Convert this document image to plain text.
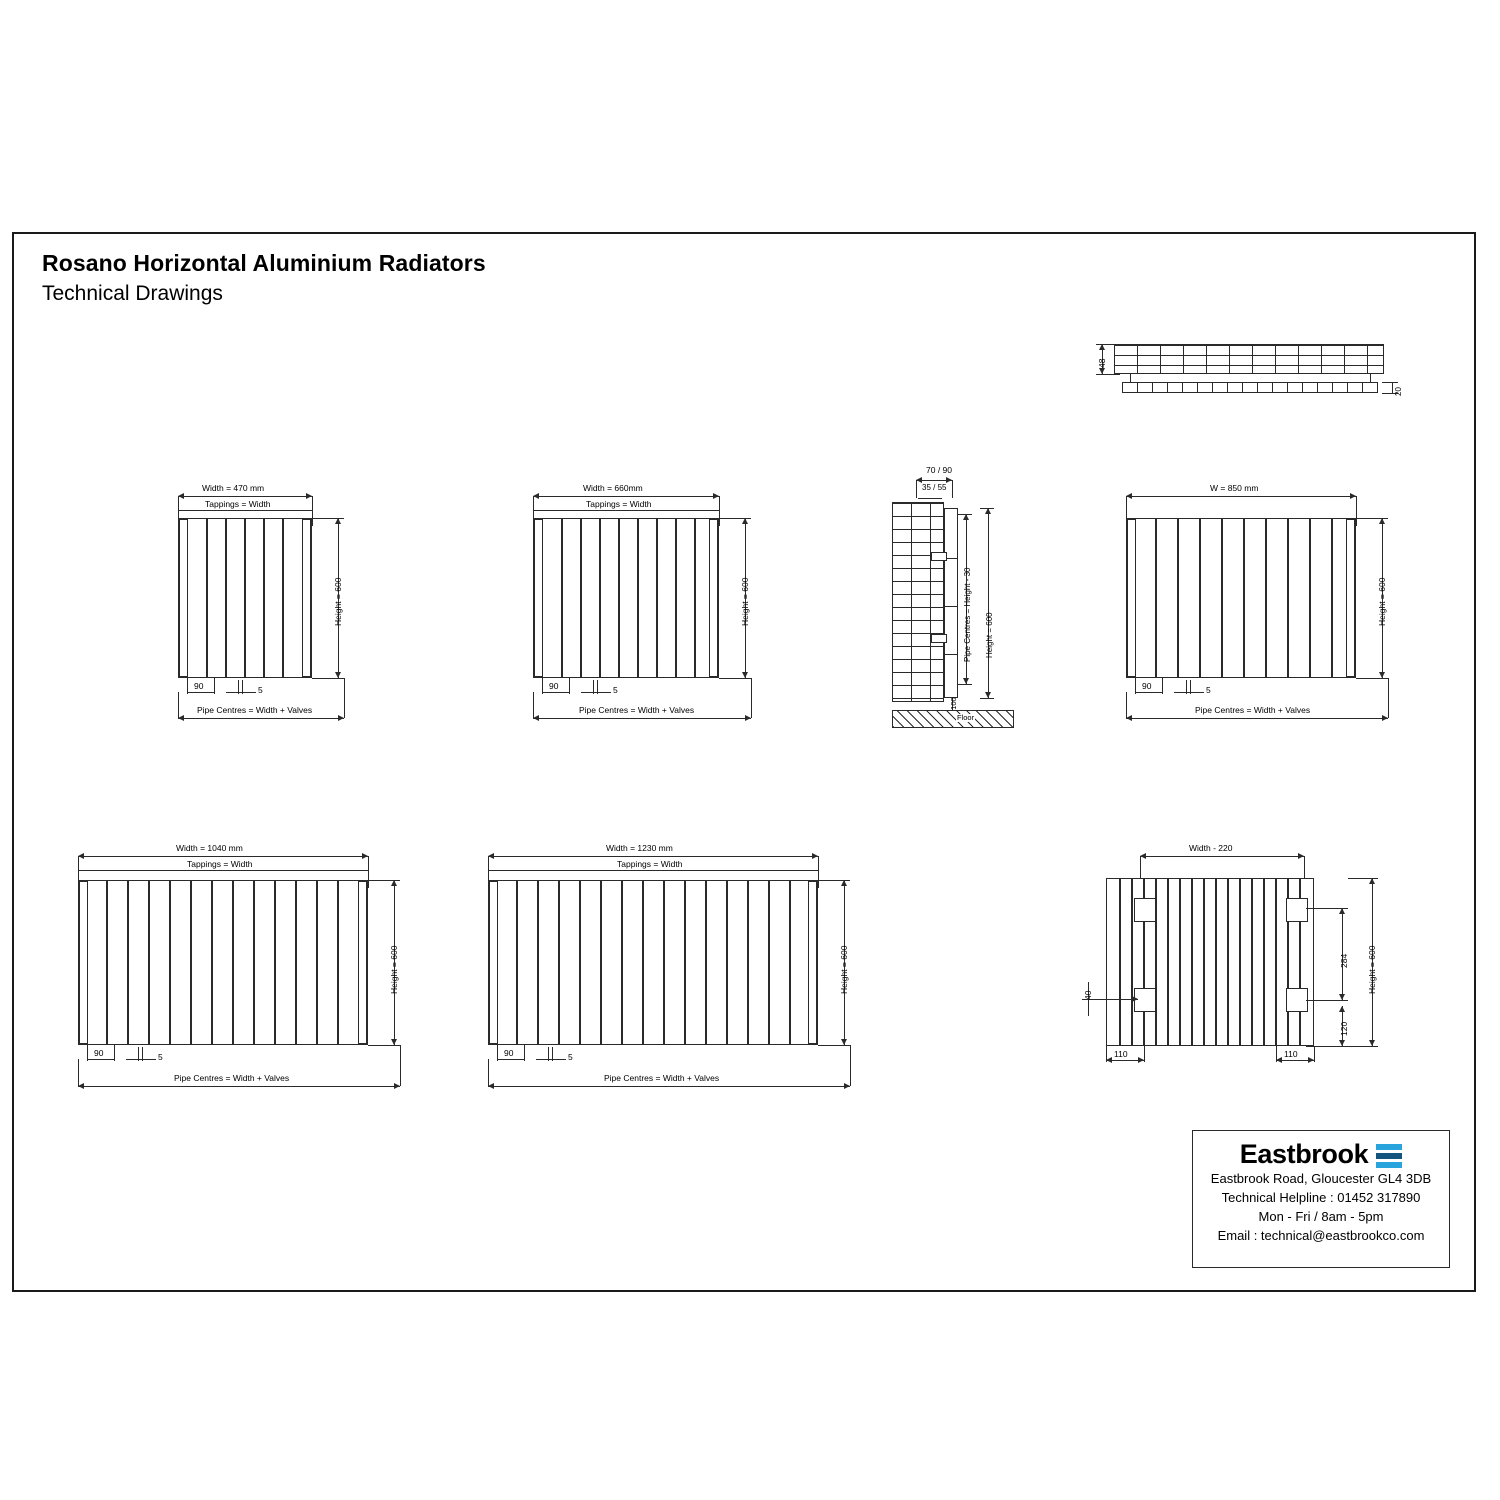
Rosano Horizontal Aluminium Radiators
Technical Drawings
48
20
Width = 470 mm
Tappings = Width
Height = 600
90	5
Pipe Centres = Width + Valves
Width = 660mm
Tappings = Width
Height = 600
90	5
Pipe Centres = Width + Valves
70 / 90
35 / 55
Pipe Centres = Height - 30 Height = 600
Floor
W = 850 mm
Height = 600
90	5
Pipe Centres = Width + Valves
Width = 1040 mm
Tappings = Width
Height = 600
90	5
Pipe Centres = Width + Valves
Width = 1230 mm
Tappings = Width
Height = 600
90	5
Pipe Centres = Width + Valves
Width - 220
40
284
120
Height = 600
110	110
Eastbrook
Eastbrook Road, Gloucester GL4 3DB
Technical Helpline : 01452 317890
Mon - Fri / 8am - 5pm
Email : technical@eastbrookco.com
